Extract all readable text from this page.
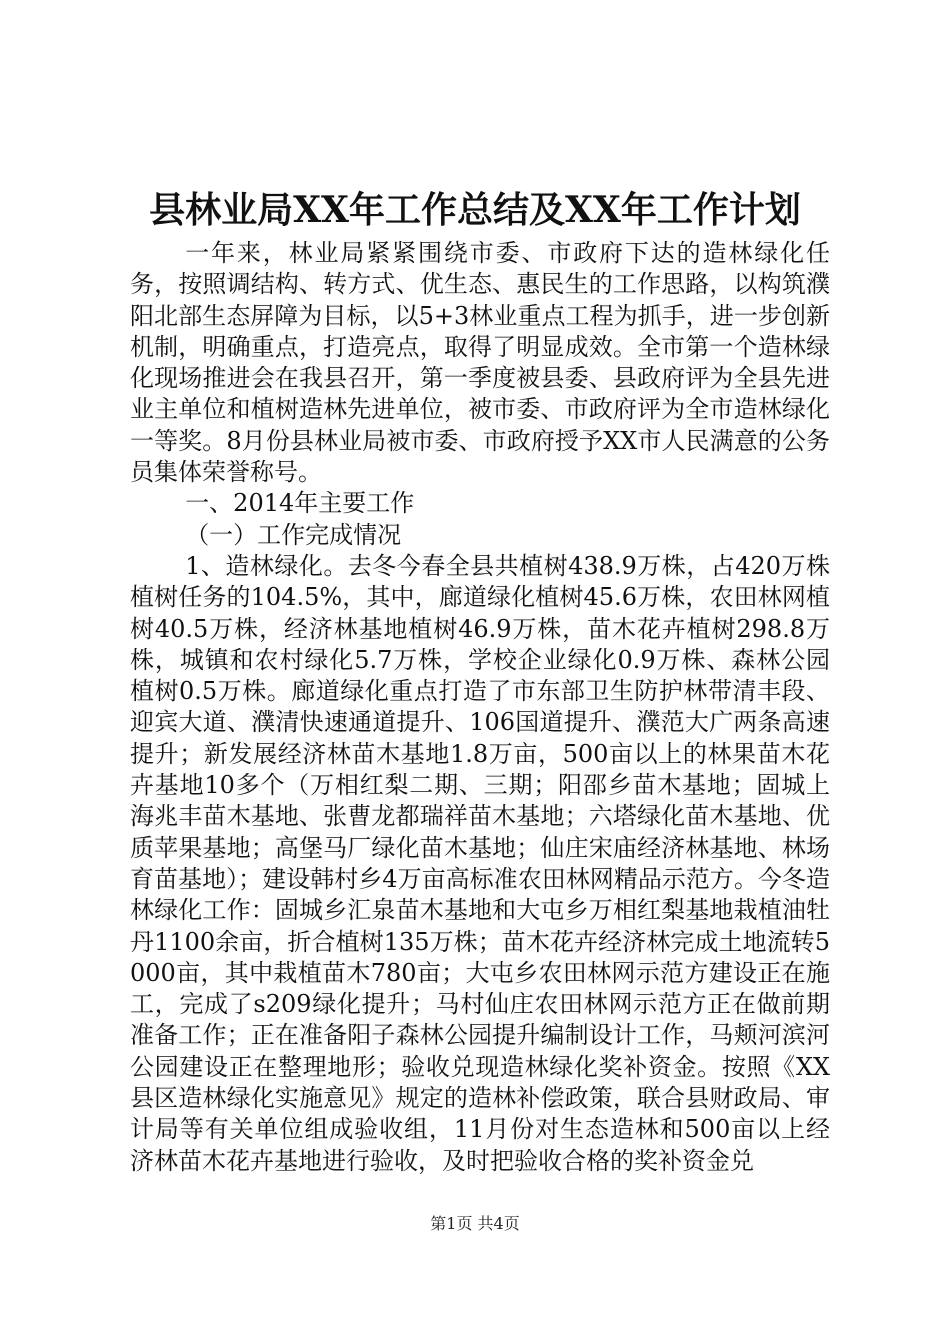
县林业局XX年工作总结及XX年工作计划

一年来，林业局紧紧围绕市委、市政府下达的造林绿化任务，按照调结构、转方式、优生态、惠民生的工作思路，以构筑濮阳北部生态屏障为目标，以5+3林业重点工程为抓手，进一步创新机制，明确重点，打造亮点，取得了明显成效。全市第一个造林绿化现场推进会在我县召开，第一季度被县委、县政府评为全县先进业主单位和植树造林先进单位，被市委、市政府评为全市造林绿化一等奖。8月份县林业局被市委、市政府授予XX市人民满意的公务员集体荣誉称号。

一、2014年主要工作

（一）工作完成情况

1、造林绿化。去冬今春全县共植树438.9万株，占420万株植树任务的104.5%，其中，廊道绿化植树45.6万株，农田林网植树40.5万株，经济林基地植树46.9万株，苗木花卉植树298.8万株，城镇和农村绿化5.7万株，学校企业绿化0.9万株、森林公园植树0.5万株。廊道绿化重点打造了市东部卫生防护林带清丰段、迎宾大道、濮清快速通道提升、106国道提升、濮范大广两条高速提升；新发展经济林苗木基地1.8万亩，500亩以上的林果苗木花卉基地10多个（万相红梨二期、三期；阳邵乡苗木基地；固城上海兆丰苗木基地、张曹龙都瑞祥苗木基地；六塔绿化苗木基地、优质苹果基地；高堡马厂绿化苗木基地；仙庄宋庙经济林基地、林场育苗基地）；建设韩村乡4万亩高标准农田林网精品示范方。今冬造林绿化工作：固城乡汇泉苗木基地和大屯乡万相红梨基地栽植油牡丹1100余亩，折合植树135万株；苗木花卉经济林完成土地流转5000亩，其中栽植苗木780亩；大屯乡农田林网示范方建设正在施工，完成了s209绿化提升；马村仙庄农田林网示范方正在做前期准备工作；正在准备阳子森林公园提升编制设计工作，马颊河滨河公园建设正在整理地形；验收兑现造林绿化奖补资金。按照《XX县区造林绿化实施意见》规定的造林补偿政策，联合县财政局、审计局等有关单位组成验收组，11月份对生态造林和500亩以上经济林苗木花卉基地进行验收，及时把验收合格的奖补资金兑

第1页 共4页
